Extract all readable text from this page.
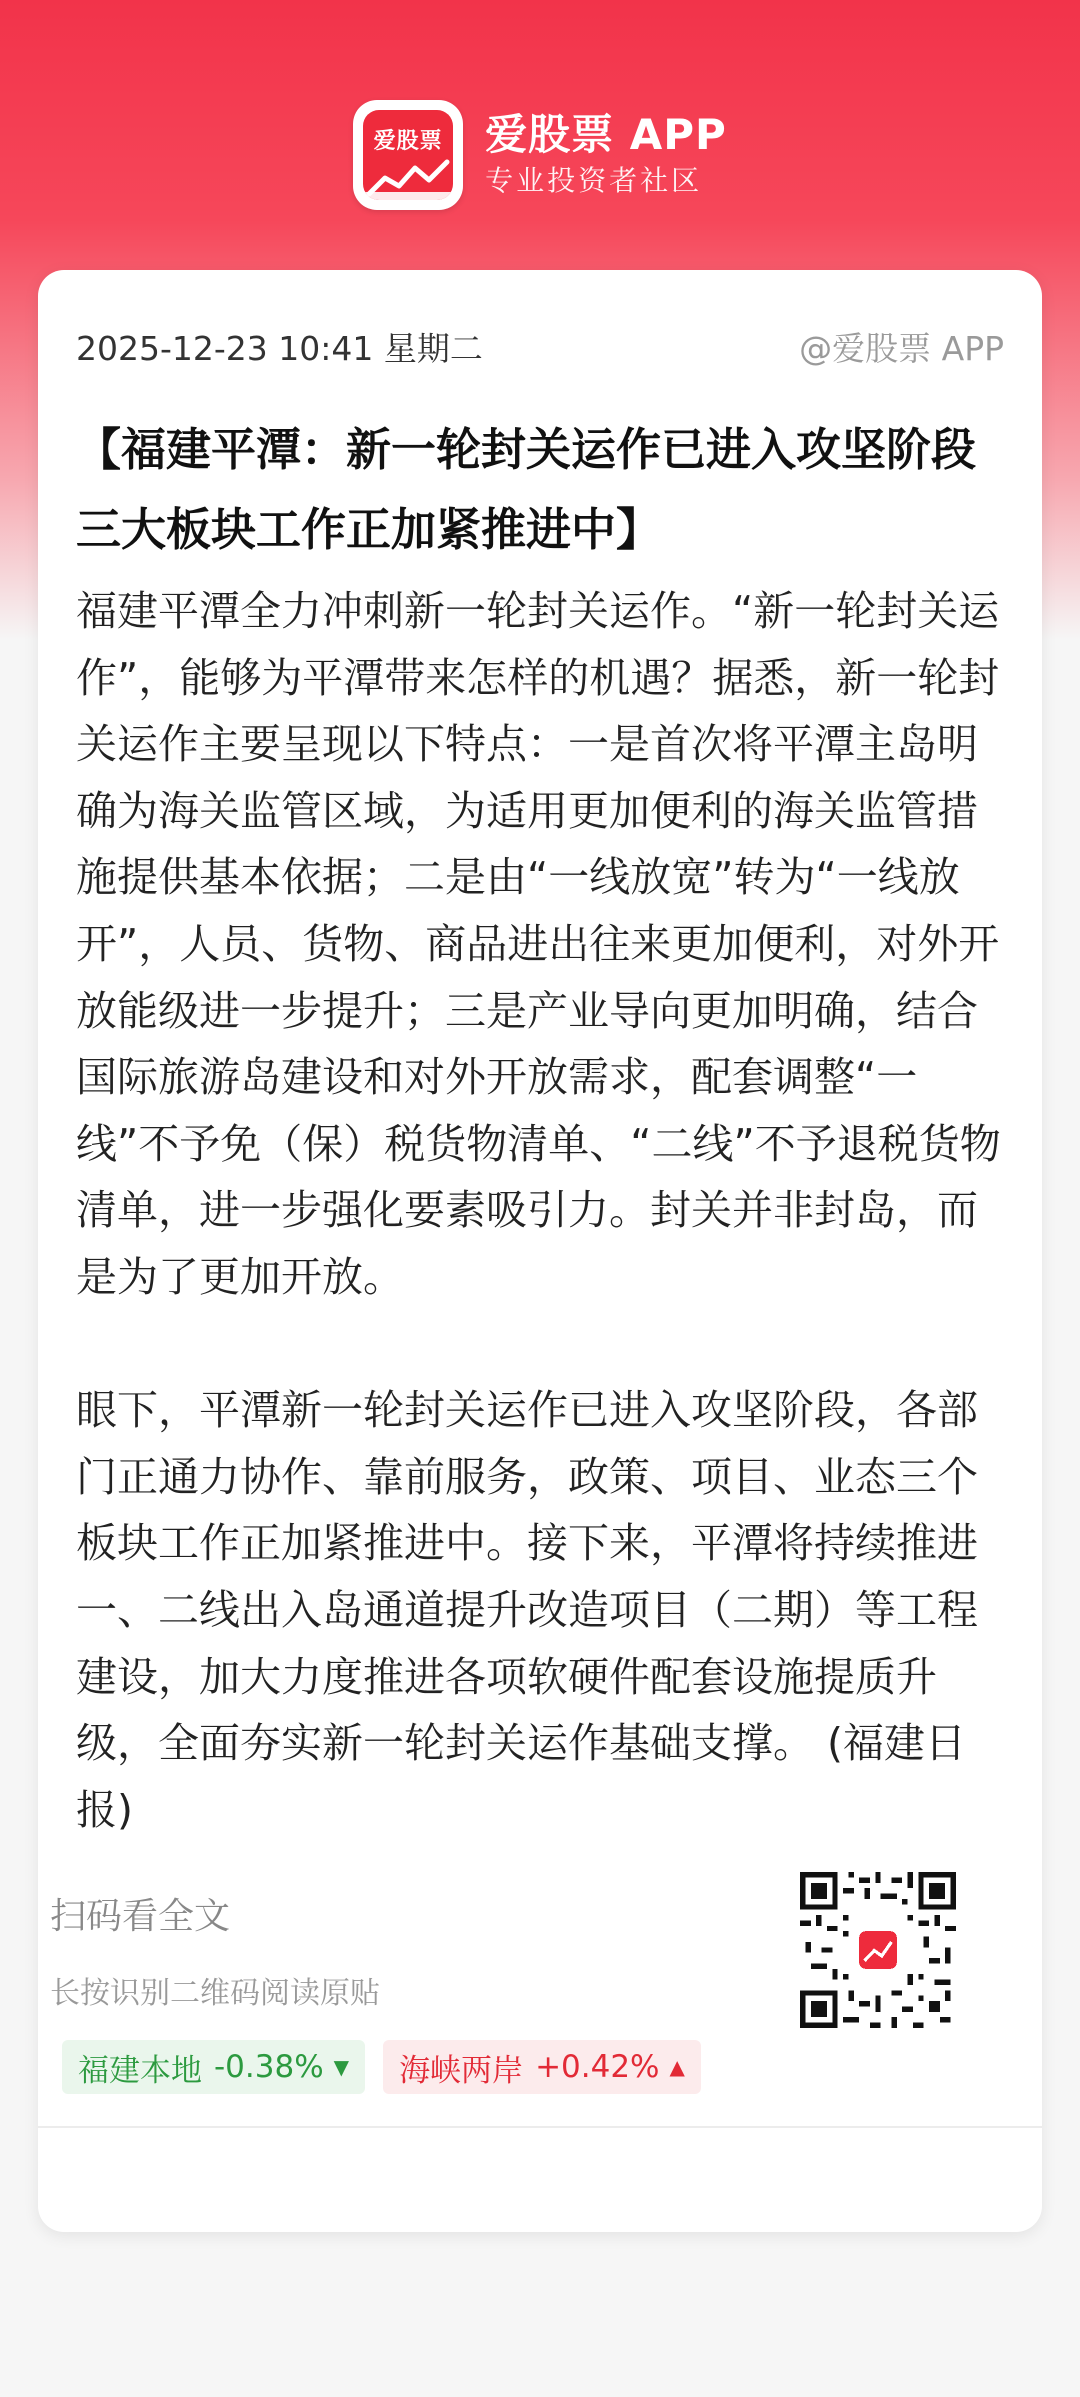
爱股票 爱股票 APP
专业投资者社区
2025-12-23 10:41 星期二	@爱股票 APP
【福建平潭：新一轮封关运作已进入攻坚阶段 三大板块工作正加紧推进中】

福建平潭全力冲刺新一轮封关运作。“新一轮封关运作”，能够为平潭带来怎样的机遇？据悉，新一轮封关运作主要呈现以下特点：一是首次将平潭主岛明确为海关监管区域，为适用更加便利的海关监管措施提供基本依据；二是由“一线放宽”转为“一线放开”，人员、货物、商品进出往来更加便利，对外开放能级进一步提升；三是产业导向更加明确，结合国际旅游岛建设和对外开放需求，配套调整“一线”不予免（保）税货物清单、“二线”不予退税货物清单，进一步强化要素吸引力。封关并非封岛，而是为了更加开放。

眼下，平潭新一轮封关运作已进入攻坚阶段，各部门正通力协作、靠前服务，政策、项目、业态三个板块工作正加紧推进中。接下来，平潭将持续推进一、二线出入岛通道提升改造项目（二期）等工程建设，加大力度推进各项软硬件配套设施提质升级，全面夯实新一轮封关运作基础支撑。 (福建日报)

福建本地 -0.38% ▼ 海峡两岸 +0.42% ▲
扫码看全文
长按识别二维码阅读原贴
